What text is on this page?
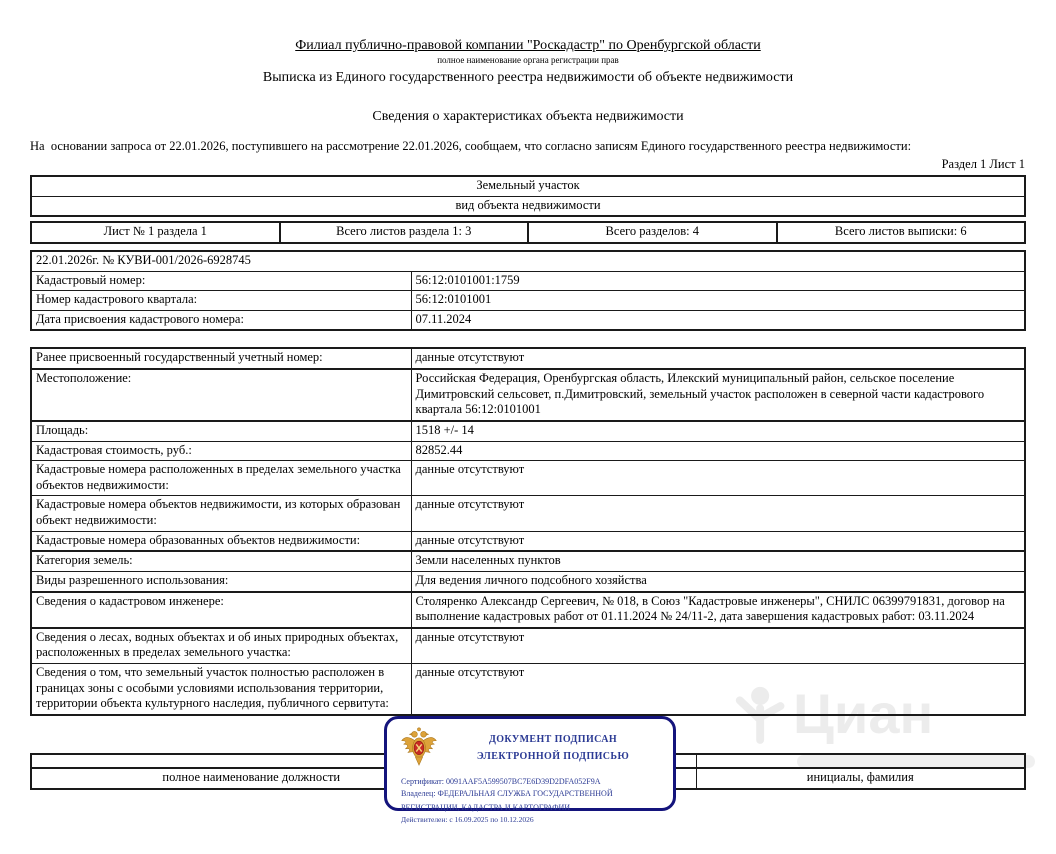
Циан
Филиал публично-правовой компании "Роскадастр" по Оренбургской области
полное наименование органа регистрации прав
Выписка из Единого государственного реестра недвижимости об объекте недвижимости
Сведения о характеристиках объекта недвижимости
На  основании запроса от 22.01.2026, поступившего на рассмотрение 22.01.2026, сообщаем, что согласно записям Единого государственного реестра недвижимости:
Раздел 1 Лист 1
Земельный участок
вид объекта недвижимости
Лист № 1 раздела 1	Всего листов раздела 1: 3	Всего разделов: 4	Всего листов выписки: 6
22.01.2026г. № КУВИ-001/2026-6928745	
Кадастровый номер:	56:12:0101001:1759
Номер кадастрового квартала:	56:12:0101001
Дата присвоения кадастрового номера:	07.11.2024
Ранее присвоенный государственный учетный номер:	данные отсутствуют
Местоположение:	Российская Федерация, Оренбургская область, Илекский муниципальный район, сельское поселение Димитровский сельсовет, п.Димитровский, земельный участок расположен в северной части кадастрового квартала 56:12:0101001
Площадь:	1518 +/- 14
Кадастровая стоимость, руб.:	82852.44
Кадастровые номера расположенных в пределах земельного участка объектов недвижимости:	данные отсутствуют
Кадастровые номера объектов недвижимости, из которых образован объект недвижимости:	данные отсутствуют
Кадастровые номера образованных объектов недвижимости:	данные отсутствуют
Категория земель:	Земли населенных пунктов
Виды разрешенного использования:	Для ведения личного подсобного хозяйства
Сведения о кадастровом инженере:	Столяренко Александр Сергеевич, № 018, в Союз "Кадастровые инженеры", СНИЛС 06399791831, договор на выполнение кадастровых работ от 01.11.2024 № 24/11-2, дата завершения кадастровых работ: 03.11.2024
Сведения о лесах, водных объектах и об иных природных объектах, расположенных в пределах земельного участка:	данные отсутствуют
Сведения о том, что земельный участок полностью расположен в границах зоны с особыми условиями использования территории, территории объекта культурного наследия, публичного сервитута:	данные отсутствуют

полное наименование должности		инициалы, фамилия
ДОКУМЕНТ ПОДПИСАН
ЭЛЕКТРОННОЙ ПОДПИСЬЮ
Сертификат: 0091AAF5A599507BC7E6D39D2DFA052F9A
Владелец: ФЕДЕРАЛЬНАЯ СЛУЖБА ГОСУДАРСТВЕННОЙ
РЕГИСТРАЦИИ, КАДАСТРА И КАРТОГРАФИИ
Действителен: с 16.09.2025 по 10.12.2026
